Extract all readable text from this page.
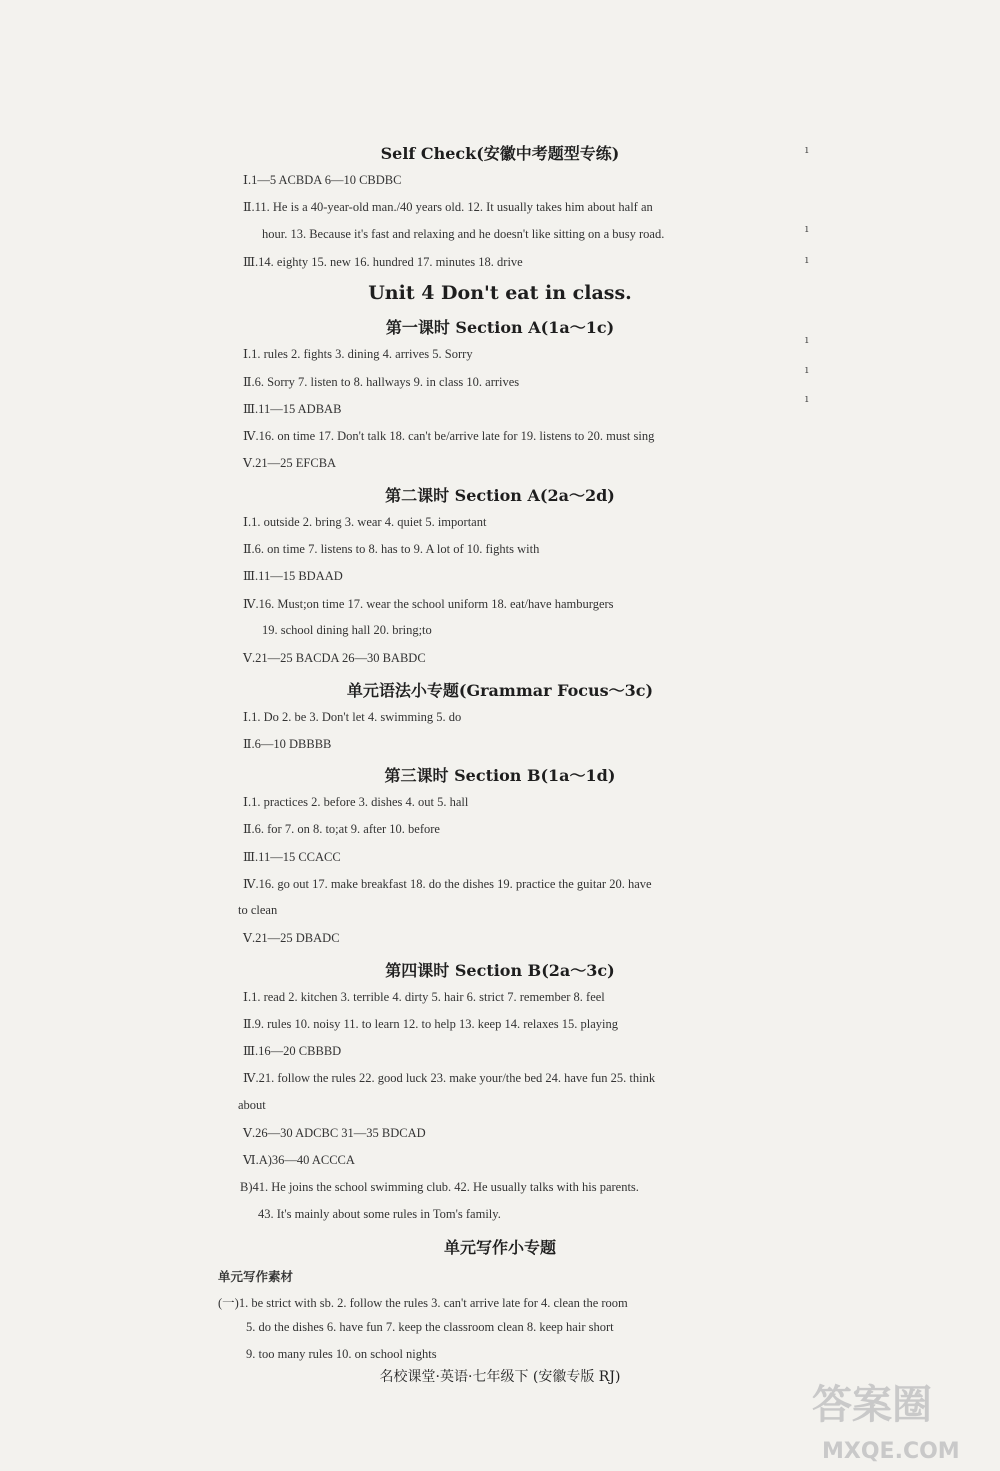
Self Check(安徽中考题型专练)
Ⅰ.1—5 ACBDA 6—10 CBDBC
Ⅱ.11. He is a 40-year-old man./40 years old. 12. It usually takes him about half an
hour. 13. Because it's fast and relaxing and he doesn't like sitting on a busy road.
Ⅲ.14. eighty 15. new 16. hundred 17. minutes 18. drive
Unit 4 Don't eat in class.
第一课时 Section A(1a～1c)
Ⅰ.1. rules 2. fights 3. dining 4. arrives 5. Sorry
Ⅱ.6. Sorry 7. listen to 8. hallways 9. in class 10. arrives
Ⅲ.11—15 ADBAB
Ⅳ.16. on time 17. Don't talk 18. can't be/arrive late for 19. listens to 20. must sing
Ⅴ.21—25 EFCBA
第二课时 Section A(2a～2d)
Ⅰ.1. outside 2. bring 3. wear 4. quiet 5. important
Ⅱ.6. on time 7. listens to 8. has to 9. A lot of 10. fights with
Ⅲ.11—15 BDAAD
Ⅳ.16. Must;on time 17. wear the school uniform 18. eat/have hamburgers
19. school dining hall 20. bring;to
Ⅴ.21—25 BACDA 26—30 BABDC
单元语法小专题(Grammar Focus～3c)
Ⅰ.1. Do 2. be 3. Don't let 4. swimming 5. do
Ⅱ.6—10 DBBBB
第三课时 Section B(1a～1d)
Ⅰ.1. practices 2. before 3. dishes 4. out 5. hall
Ⅱ.6. for 7. on 8. to;at 9. after 10. before
Ⅲ.11—15 CCACC
Ⅳ.16. go out 17. make breakfast 18. do the dishes 19. practice the guitar 20. have
to clean
Ⅴ.21—25 DBADC
第四课时 Section B(2a～3c)
Ⅰ.1. read 2. kitchen 3. terrible 4. dirty 5. hair 6. strict 7. remember 8. feel
Ⅱ.9. rules 10. noisy 11. to learn 12. to help 13. keep 14. relaxes 15. playing
Ⅲ.16—20 CBBBD
Ⅳ.21. follow the rules 22. good luck 23. make your/the bed 24. have fun 25. think
about
Ⅴ.26—30 ADCBC 31—35 BDCAD
Ⅵ.A)36—40 ACCCA
B)41. He joins the school swimming club. 42. He usually talks with his parents.
43. It's mainly about some rules in Tom's family.
单元写作小专题
单元写作素材
(一)1. be strict with sb. 2. follow the rules 3. can't arrive late for 4. clean the room
5. do the dishes 6. have fun 7. keep the classroom clean 8. keep hair short
9. too many rules 10. on school nights
名校课堂·英语·七年级下 (安徽专版 RJ)
ı
ı
ı
ı
ı
ı
答案圈
MXQE.COM
